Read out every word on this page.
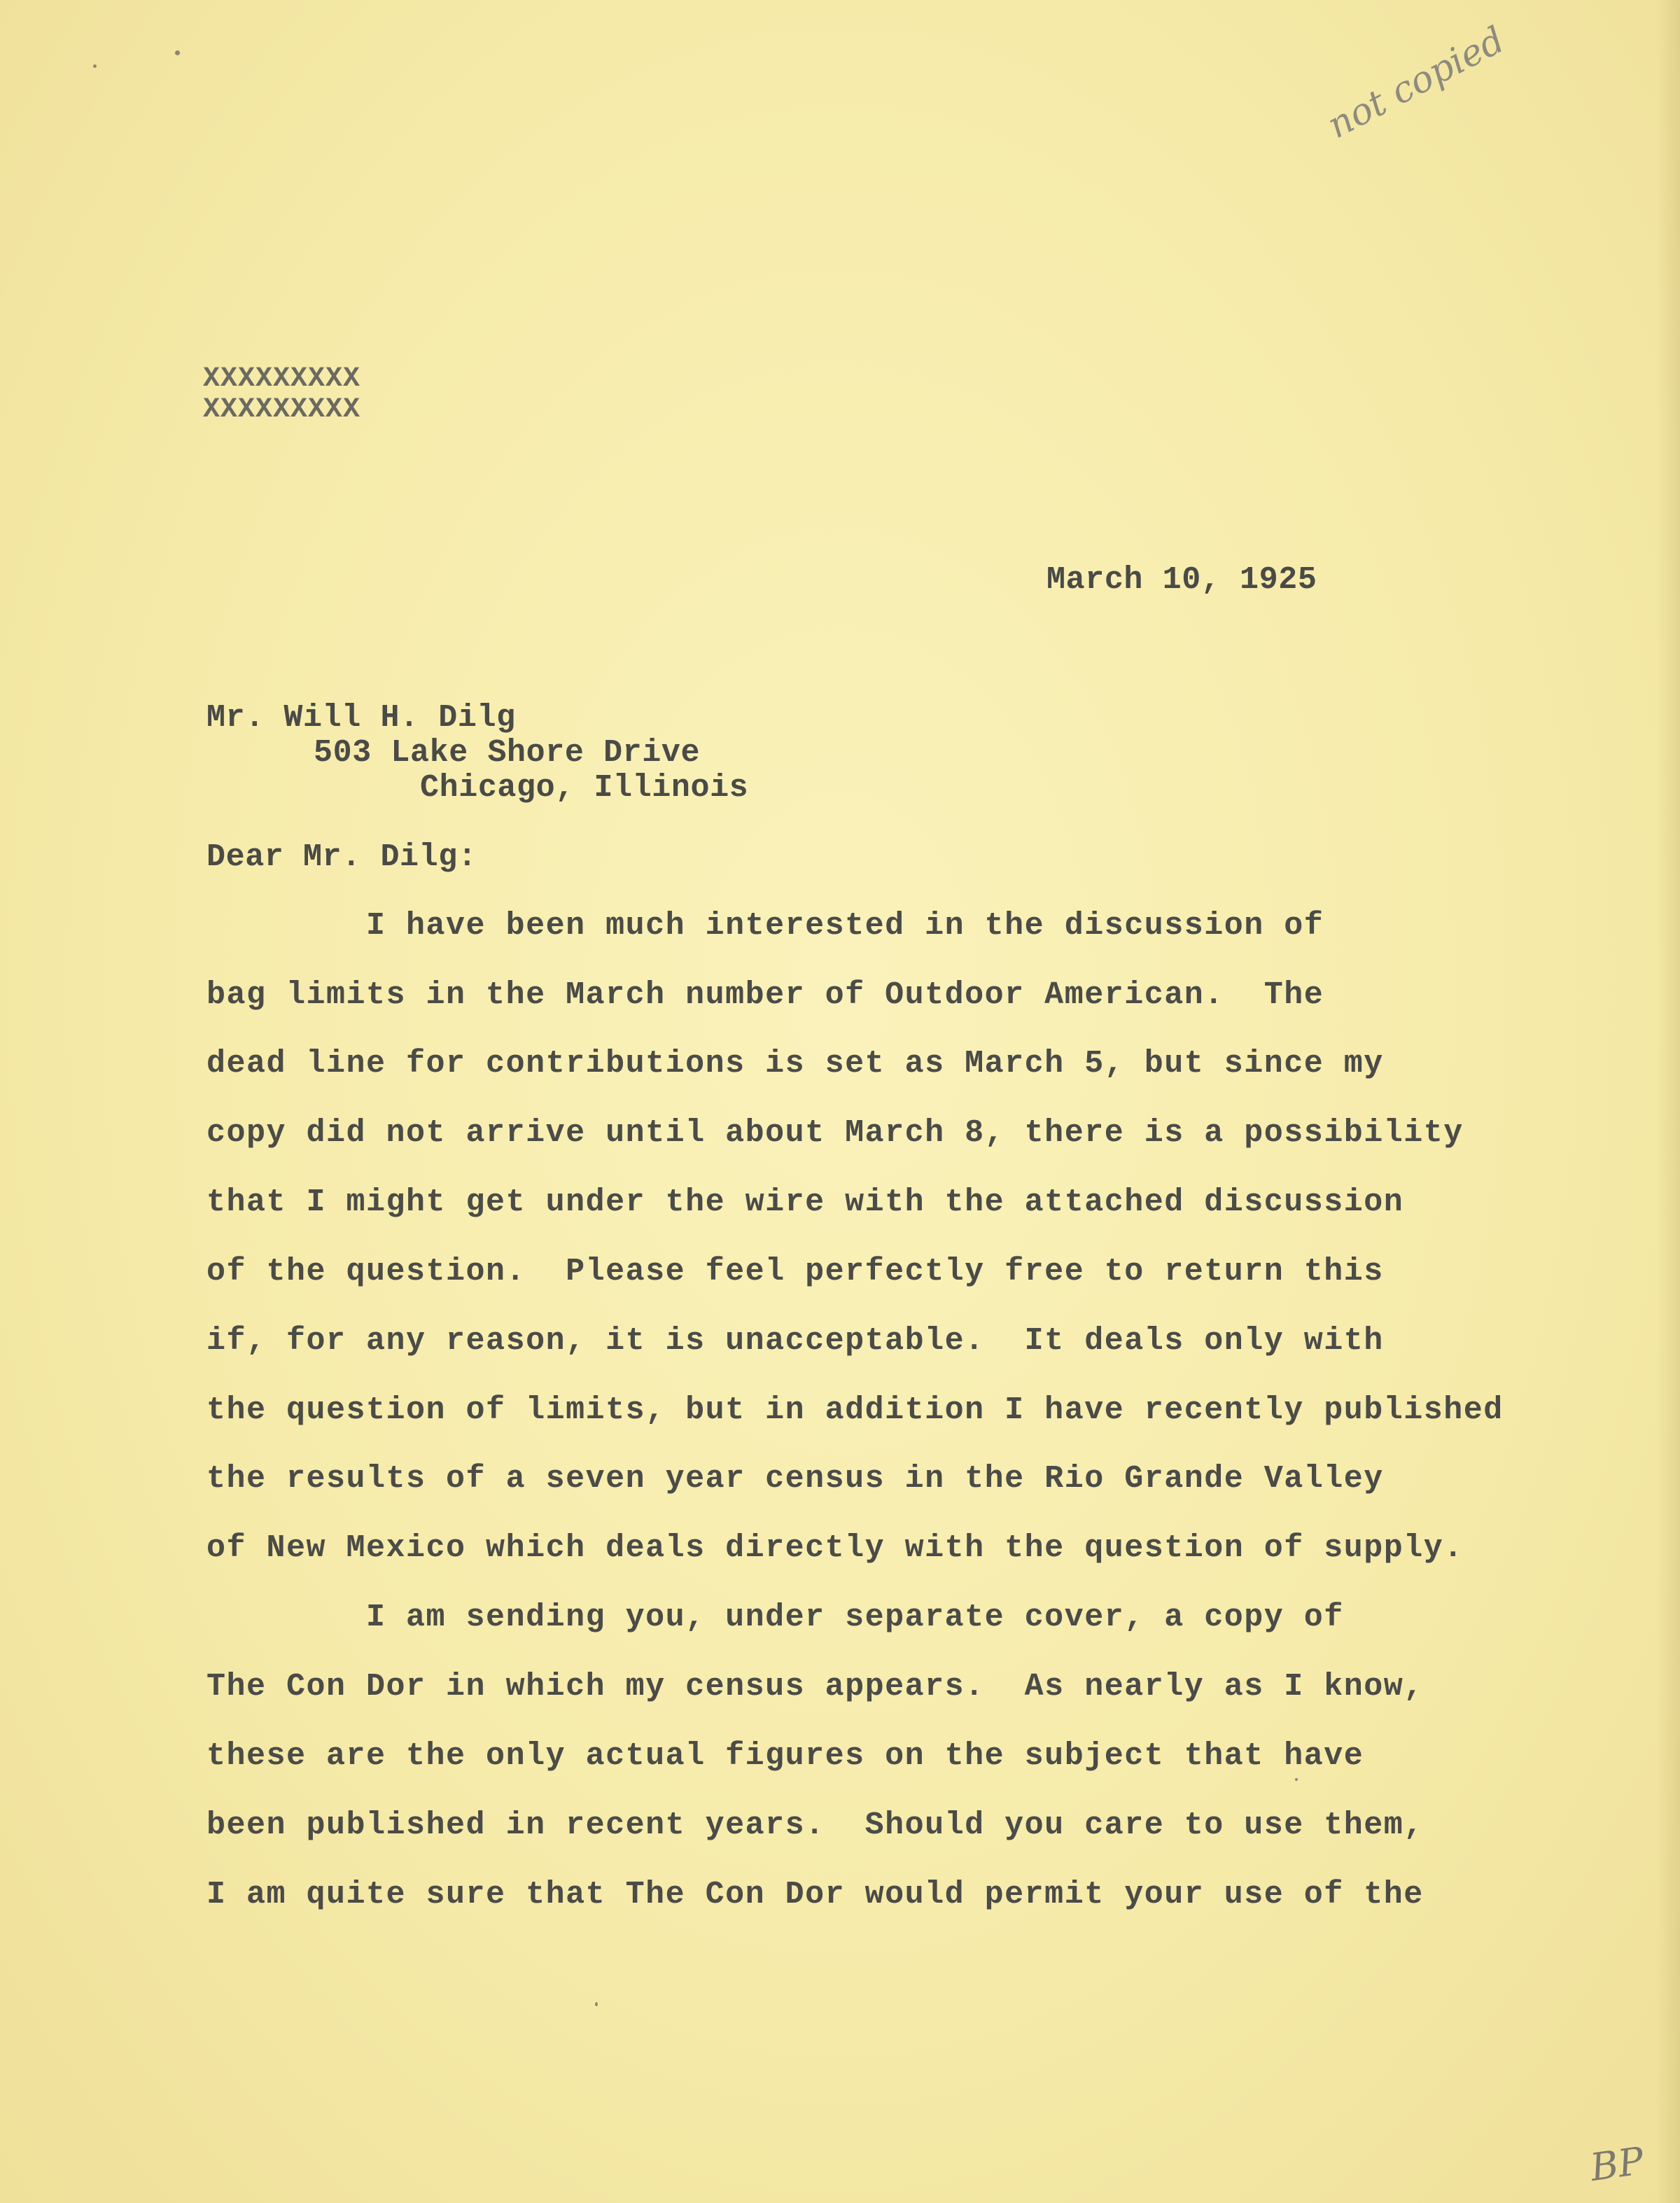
not copied
XXXXXXXXX
XXXXXXXXX
March 10, 1925
Mr. Will H. Dilg
503 Lake Shore Drive
Chicago, Illinois
Dear Mr. Dilg:
I have been much interested in the discussion of
bag limits in the March number of Outdoor American.  The
dead line for contributions is set as March 5, but since my
copy did not arrive until about March 8, there is a possibility
that I might get under the wire with the attached discussion
of the question.  Please feel perfectly free to return this
if, for any reason, it is unacceptable.  It deals only with
the question of limits, but in addition I have recently published
the results of a seven year census in the Rio Grande Valley
of New Mexico which deals directly with the question of supply.
I am sending you, under separate cover, a copy of
The Con Dor in which my census appears.  As nearly as I know,
these are the only actual figures on the subject that have
been published in recent years.  Should you care to use them,
I am quite sure that The Con Dor would permit your use of the
BP
